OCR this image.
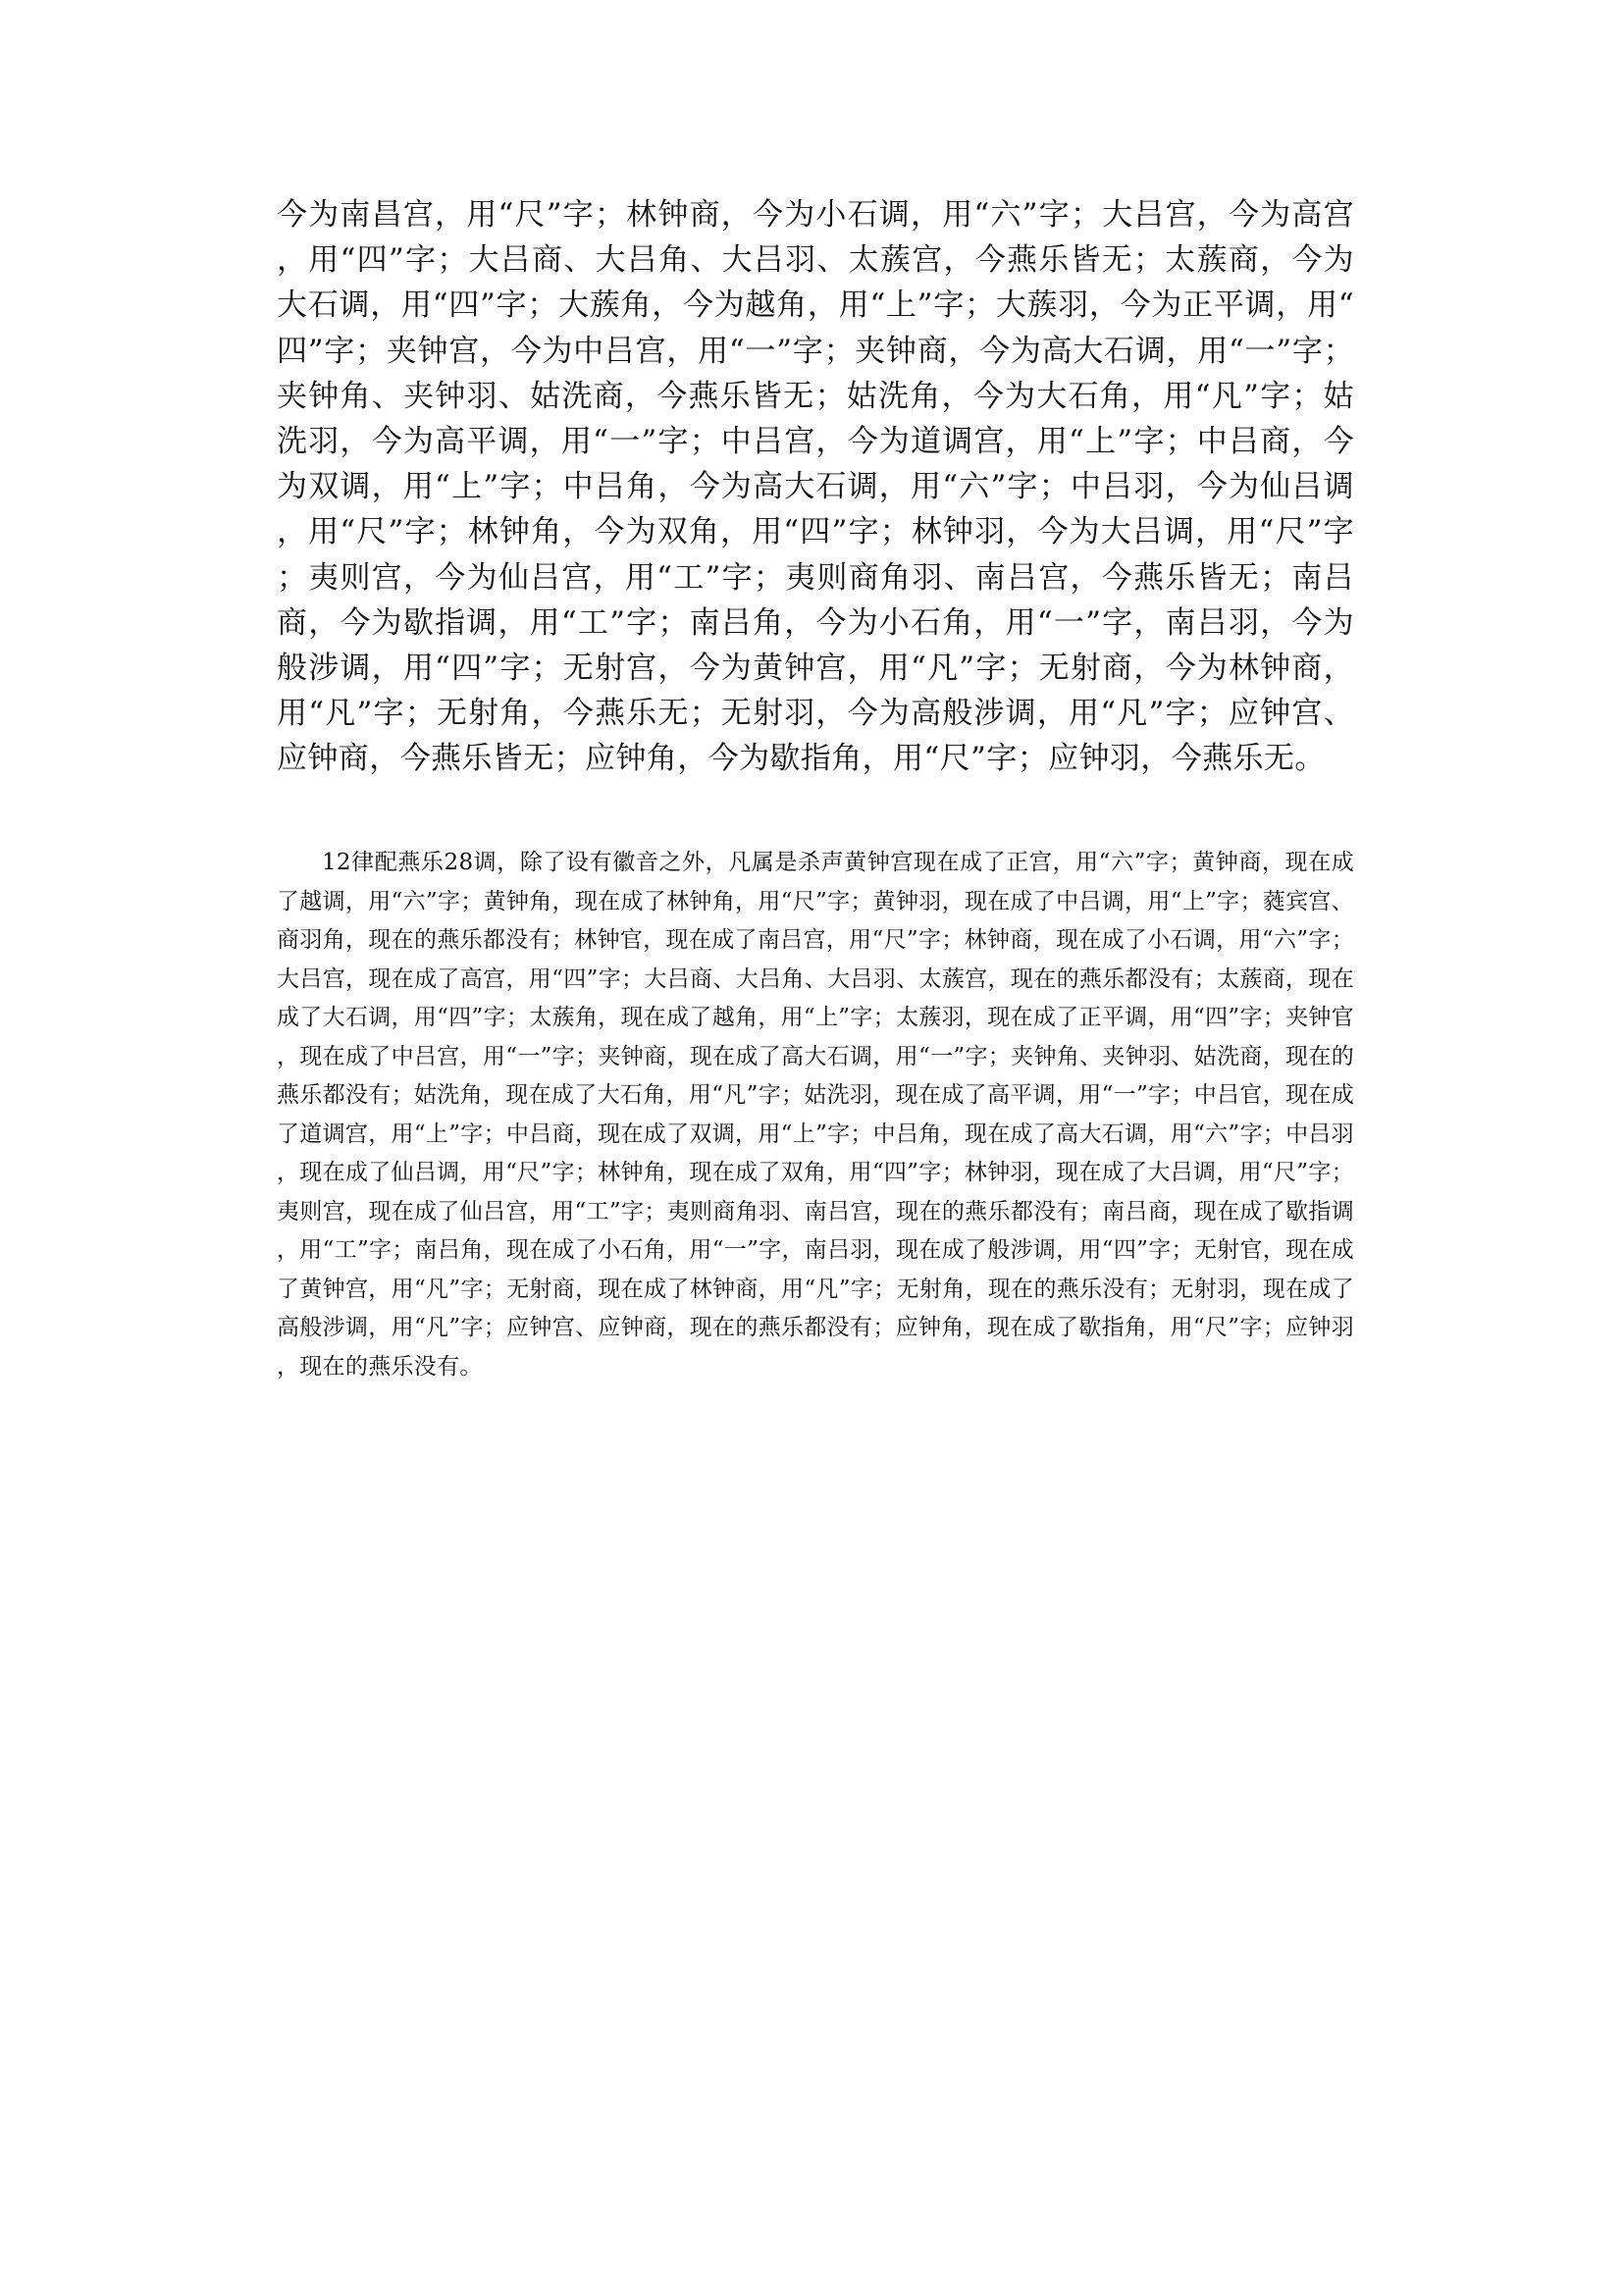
今为南昌宫，用“尺”字；林钟商，今为小石调，用“六”字；大吕宫，今为高宫，用“四”字；大吕商、大吕角、大吕羽、太蔟宫，今燕乐皆无；太蔟商，今为大石调，用“四”字；大蔟角，今为越角，用“上”字；大蔟羽，今为正平调，用“四”字；夹钟宫，今为中吕宫，用“一”字；夹钟商，今为高大石调，用“一”字；夹钟角、夹钟羽、姑洗商，今燕乐皆无；姑洗角，今为大石角，用“凡”字；姑洗羽，今为高平调，用“一”字；中吕宫，今为道调宫，用“上”字；中吕商，今为双调，用“上”字；中吕角，今为高大石调，用“六”字；中吕羽，今为仙吕调，用“尺”字；林钟角，今为双角，用“四”字；林钟羽，今为大吕调，用“尺”字；夷则宫，今为仙吕宫，用“工”字；夷则商角羽、南吕宫，今燕乐皆无；南吕商，今为歇指调，用“工”字；南吕角，今为小石角，用“一”字，南吕羽，今为般涉调，用“四”字；无射宫，今为黄钟宫，用“凡”字；无射商，今为林钟商，用“凡”字；无射角，今燕乐无；无射羽，今为高般涉调，用“凡”字；应钟宫、应钟商，今燕乐皆无；应钟角，今为歇指角，用“尺”字；应钟羽，今燕乐无。

12律配燕乐28调，除了设有徽音之外，凡属是杀声黄钟宫现在成了正宫，用“六”字；黄钟商，现在成了越调，用“六”字；黄钟角，现在成了林钟角，用“尺”字；黄钟羽，现在成了中吕调，用“上”字；蕤宾宫、商羽角，现在的燕乐都没有；林钟官，现在成了南吕宫，用“尺”字；林钟商，现在成了小石调，用“六”字；大吕宫，现在成了高宫，用“四”字；大吕商、大吕角、大吕羽、太蔟宫，现在的燕乐都没有；太蔟商，现在成了大石调，用“四”字；太蔟角，现在成了越角，用“上”字；太蔟羽，现在成了正平调，用“四”字；夹钟官，现在成了中吕宫，用“一”字；夹钟商，现在成了高大石调，用“一”字；夹钟角、夹钟羽、姑洗商，现在的燕乐都没有；姑洗角，现在成了大石角，用“凡”字；姑洗羽，现在成了高平调，用“一”字；中吕官，现在成了道调宫，用“上”字；中吕商，现在成了双调，用“上”字；中吕角，现在成了高大石调，用“六”字；中吕羽，现在成了仙吕调，用“尺”字；林钟角，现在成了双角，用“四”字；林钟羽，现在成了大吕调，用“尺”字；夷则宫，现在成了仙吕宫，用“工”字；夷则商角羽、南吕宫，现在的燕乐都没有；南吕商，现在成了歇指调，用“工”字；南吕角，现在成了小石角，用“一”字，南吕羽，现在成了般涉调，用“四”字；无射官，现在成了黄钟宫，用“凡”字；无射商，现在成了林钟商，用“凡”字；无射角，现在的燕乐没有；无射羽，现在成了高般涉调，用“凡”字；应钟宫、应钟商，现在的燕乐都没有；应钟角，现在成了歇指角，用“尺”字；应钟羽，现在的燕乐没有。
